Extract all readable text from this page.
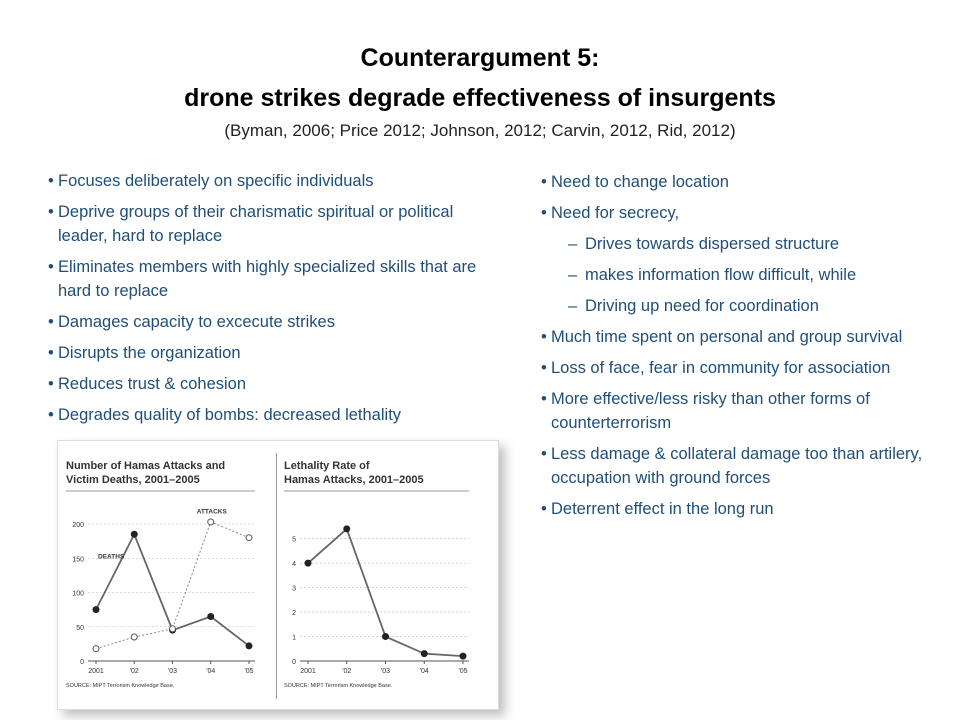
Counterargument 5:
drone strikes degrade effectiveness of insurgents
(Byman, 2006; Price 2012; Johnson, 2012; Carvin, 2012, Rid, 2012)
• Focuses deliberately on specific individuals
• Deprive groups of their charismatic spiritual or political leader, hard to replace
• Eliminates members with highly specialized skills that are hard to replace
• Damages capacity to excecute strikes
• Disrupts the organization
• Reduces trust & cohesion
• Degrades quality of bombs: decreased lethality
• Need to change location
• Need for secrecy,
– Drives towards dispersed structure
– makes information flow difficult, while
– Driving up need for coordination
• Much time spent on personal and group survival
• Loss of face, fear in community for association
• More effective/less risky than other forms of counterterrorism
• Less damage & collateral damage too than artilery, occupation with ground forces
• Deterrent effect in the long run
Number of Hamas Attacks and
Victim Deaths, 2001–2005
0
50
100
150
200
2001	'02	'03	'04	'05
DEATHS
ATTACKS
SOURCE: MIPT Terrorism Knowledge Base.
Lethality Rate of
Hamas Attacks, 2001–2005
0
1
2
3
4
5
2001	'02	'03	'04	'05
SOURCE: MIPT Terrorism Knowledge Base.
